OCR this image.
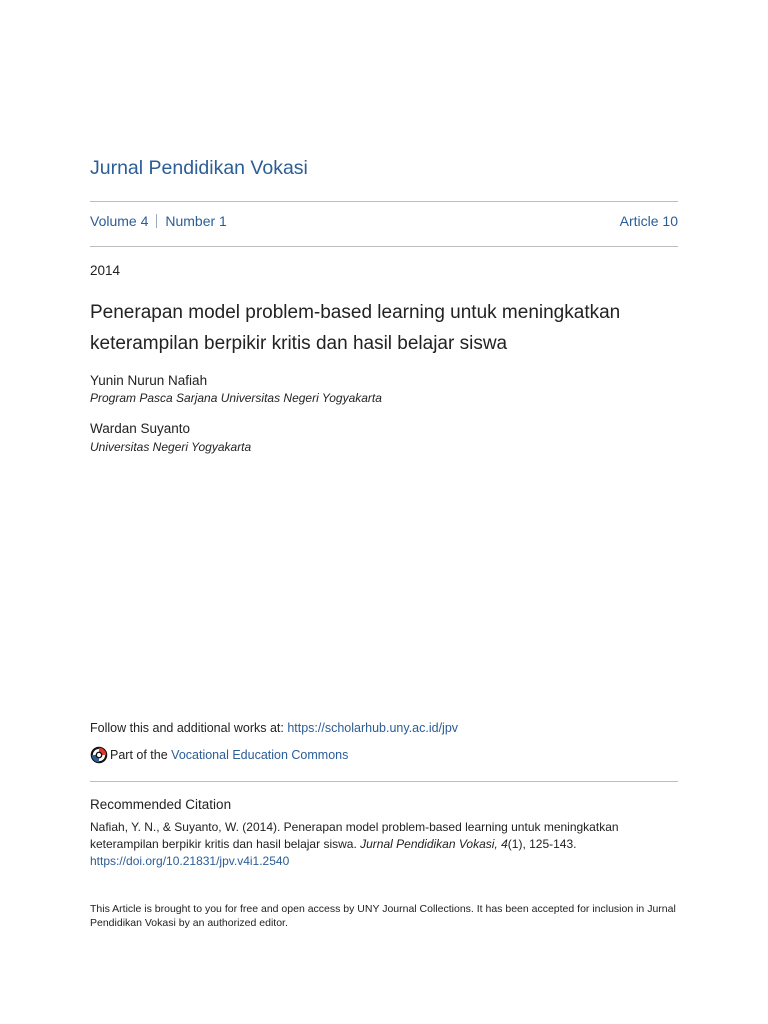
Jurnal Pendidikan Vokasi
Volume 4 Number 1	Article 10
2014
Penerapan model problem-based learning untuk meningkatkan
keterampilan berpikir kritis dan hasil belajar siswa
Yunin Nurun Nafiah
Program Pasca Sarjana Universitas Negeri Yogyakarta
Wardan Suyanto
Universitas Negeri Yogyakarta
Follow this and additional works at: https://scholarhub.uny.ac.id/jpv
Part of the
Vocational Education Commons
Recommended Citation
Nafiah, Y. N., & Suyanto, W. (2014). Penerapan model problem-based learning untuk meningkatkan keterampilan berpikir kritis dan hasil belajar siswa. Jurnal Pendidikan Vokasi, 4(1), 125-143.
https://doi.org/10.21831/jpv.v4i1.2540
This Article is brought to you for free and open access by UNY Journal Collections. It has been accepted for inclusion in Jurnal Pendidikan Vokasi by an authorized editor.
